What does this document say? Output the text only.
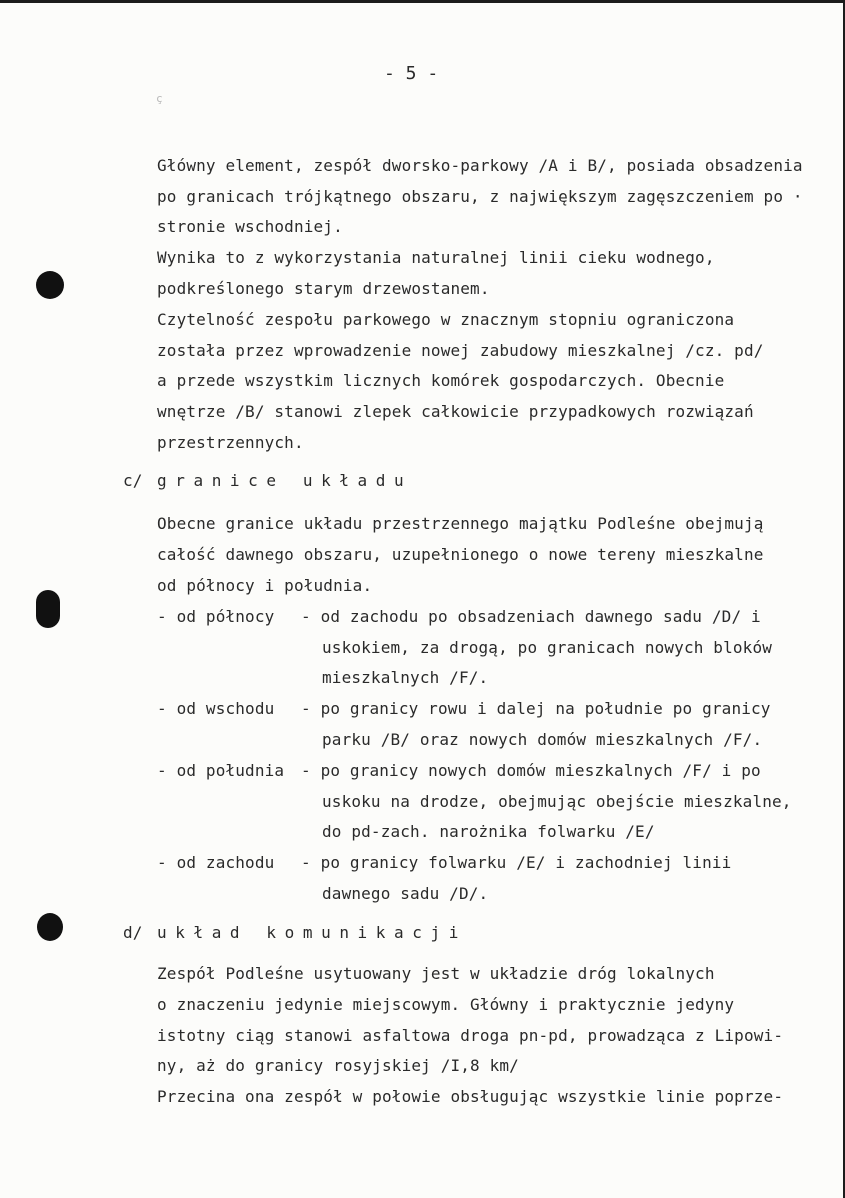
- 5 -
ç
Główny element, zespół dworsko-parkowy /A i B/, posiada obsadzenia
po granicach trójkątnego obszaru, z największym zagęszczeniem po ·
stronie wschodniej.
Wynika to z wykorzystania naturalnej linii cieku wodnego,
podkreślonego starym drzewostanem.
Czytelność zespołu parkowego w znacznym stopniu ograniczona
została przez wprowadzenie nowej zabudowy mieszkalnej /cz. pd/
a przede wszystkim licznych komórek gospodarczych. Obecnie
wnętrze /B/ stanowi zlepek całkowicie przypadkowych rozwiązań
przestrzennych.
c/ granice układu
Obecne granice układu przestrzennego majątku Podleśne obejmują
całość dawnego obszaru, uzupełnionego o nowe tereny mieszkalne
od północy i południa.
- od północy - od zachodu po obsadzeniach dawnego sadu /D/ i
uskokiem, za drogą, po granicach nowych bloków
mieszkalnych /F/.
- od wschodu - po granicy rowu i dalej na południe po granicy
parku /B/ oraz nowych domów mieszkalnych /F/.
- od południa - po granicy nowych domów mieszkalnych /F/ i po
uskoku na drodze, obejmując obejście mieszkalne,
do pd-zach. narożnika folwarku /E/
- od zachodu - po granicy folwarku /E/ i zachodniej linii
dawnego sadu /D/.
d/ układ komunikacji
Zespół Podleśne usytuowany jest w układzie dróg lokalnych
o znaczeniu jedynie miejscowym. Główny i praktycznie jedyny
istotny ciąg stanowi asfaltowa droga pn-pd, prowadząca z Lipowi-
ny, aż do granicy rosyjskiej /I,8 km/
Przecina ona zespół w połowie obsługując wszystkie linie poprze-
